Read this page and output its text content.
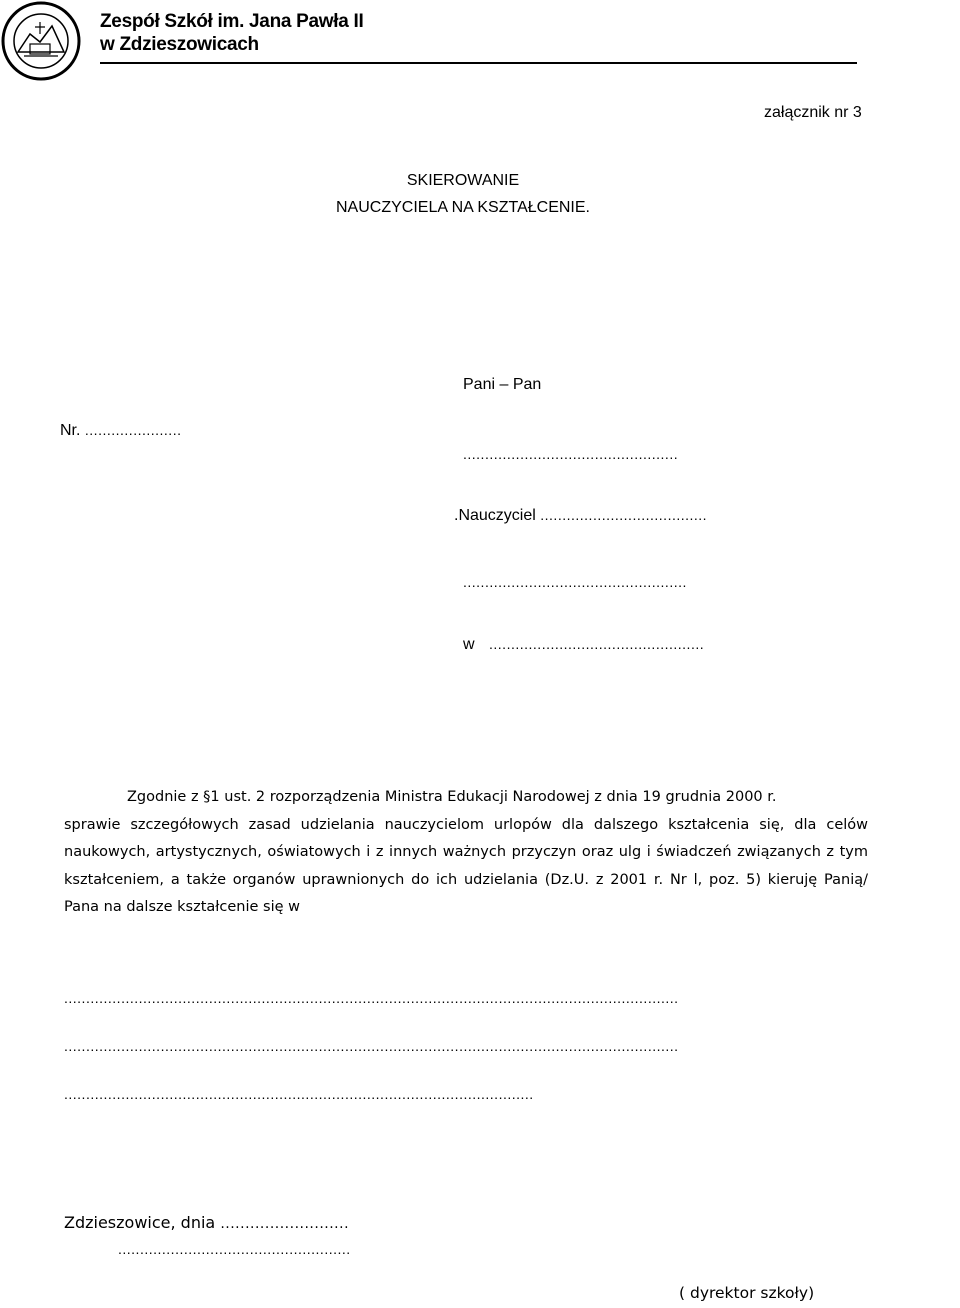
Zespół Szkół im. Jana Pawła II
w Zdzieszowicach
załącznik nr 3
SKIEROWANIE
NAUCZYCIELA NA KSZTAŁCENIE.
Pani – Pan
Nr. ......................
.................................................
.Nauczyciel ......................................
...................................................
w .................................................
Zgodnie z §1 ust. 2 rozporządzenia Ministra Edukacji Narodowej z dnia 19 grudnia 2000 r.
sprawie szczegółowych zasad udzielania nauczycielom urlopów dla dalszego kształcenia się, dla celów naukowych, artystycznych, oświatowych i z innych ważnych przyczyn oraz ulg i świadczeń związanych z tym kształceniem, a także organów uprawnionych do ich udzielania (Dz.U. z 2001 r. Nr l, poz. 5) kieruję Panią/ Pana na dalsze kształcenie się w
............................................................................................................................................
............................................................................................................................................
...........................................................................................................
Zdzieszowice, dnia ..........................
.....................................................
( dyrektor szkoły)
